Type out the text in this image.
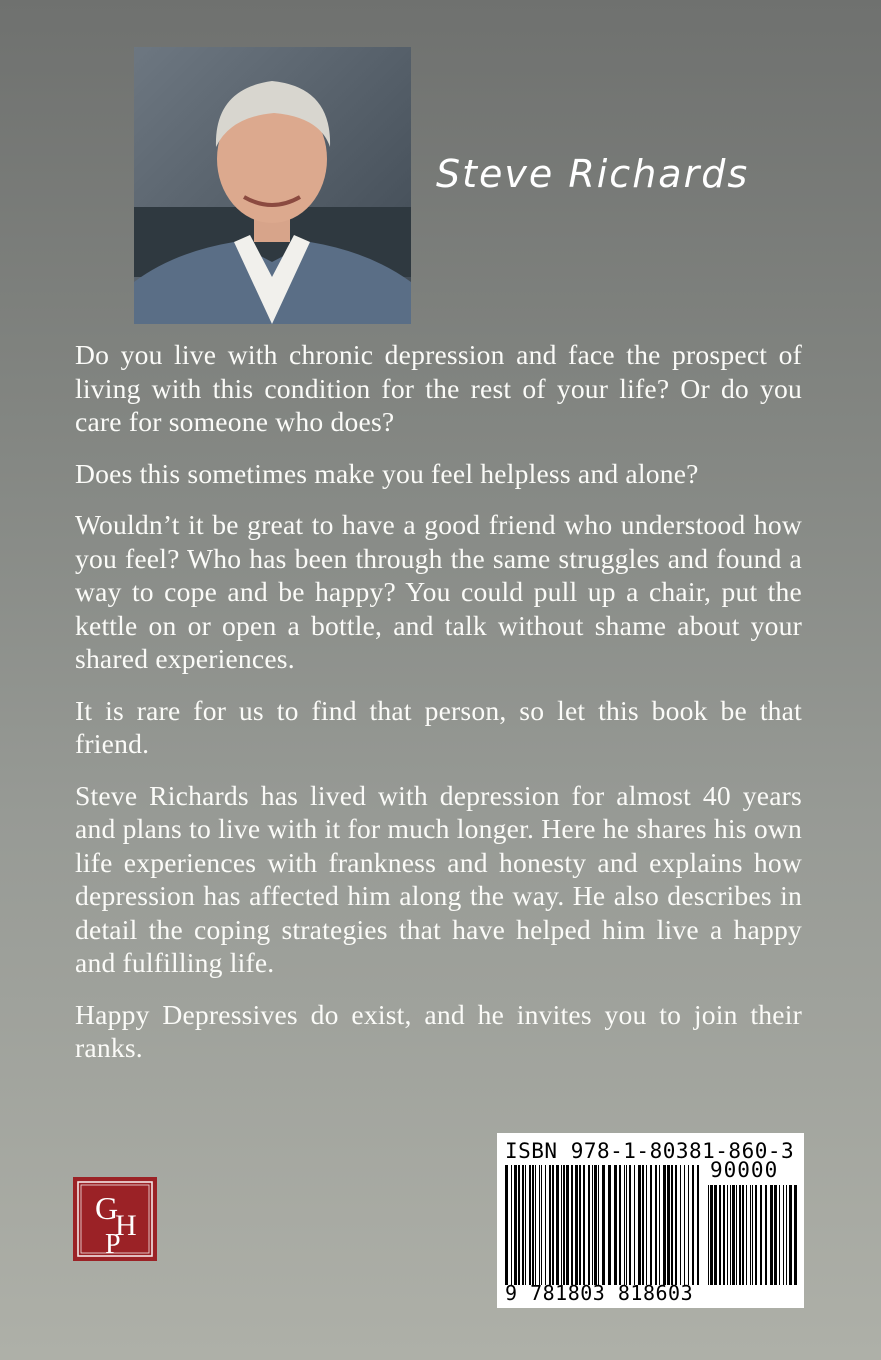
Steve Richards

Do you live with chronic depression and face the prospect of living with this condition for the rest of your life? Or do you care for someone who does?

Does this sometimes make you feel helpless and alone?

Wouldn’t it be great to have a good friend who understood how you feel? Who has been through the same struggles and found a way to cope and be happy? You could pull up a chair, put the kettle on or open a bottle, and talk without shame about your shared experiences.

It is rare for us to find that person, so let this book be that friend.

Steve Richards has lived with depression for almost 40 years and plans to live with it for much longer. Here he shares his own life experiences with frankness and honesty and explains how depression has affected him along the way. He also describes in detail the coping strategies that have helped him live a happy and fulfilling life.

Happy Depressives do exist, and he invites you to join their ranks.

G
H
P
ISBN 978-1-80381-860-3
90000
9 781803 818603
